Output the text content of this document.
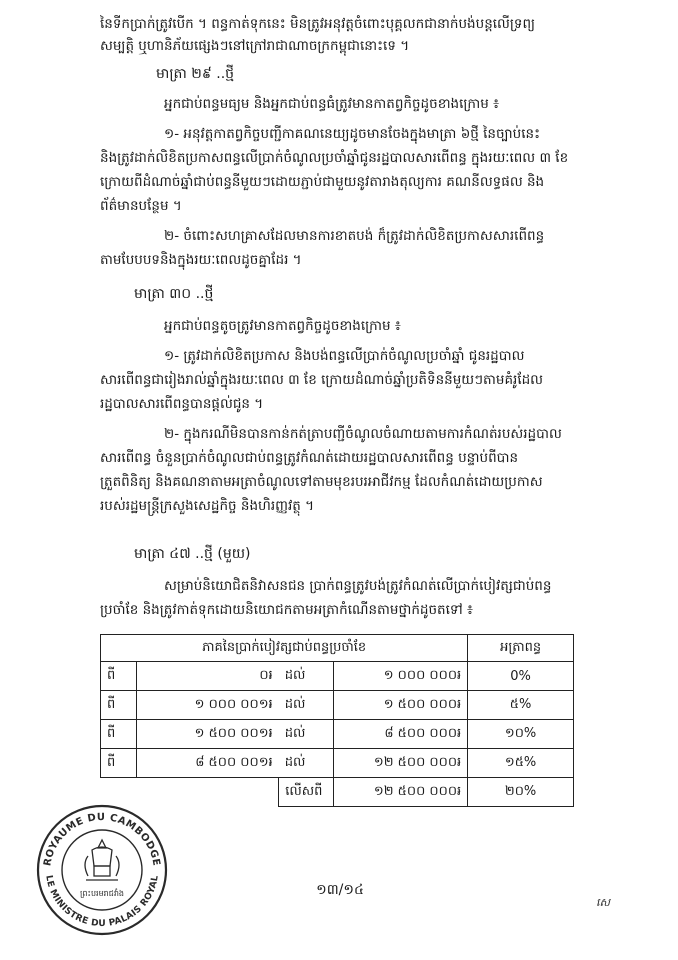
នៃទីកប្រាក់ត្រូវបើក ។ ពន្ធកាត់ទុកនេះ មិនត្រូវអនុវត្តចំពោះបុគ្គលកជានាក់បង់បន្តលើទ្រព្យ
សម្បត្តិ ឬហានិភ័យផ្សេងៗនៅក្រៅរាជាណាចក្រកម្ពុជានោះទេ ។
មាត្រា ២៩ ..ថ្មី
អ្នកជាប់ពន្ធមធ្យម និងអ្នកជាប់ពន្ធធំត្រូវមានកាតព្វកិច្ចដូចខាងក្រោម ៖
១- អនុវត្តកាតព្វកិច្ចបញ្ជីកាគណនេយ្យដូចមានចែងក្នុងមាត្រា ៦ថ្មី នៃច្បាប់នេះ
និងត្រូវដាក់លិខិតប្រកាសពន្ធលើប្រាក់ចំណូលប្រចាំឆ្នាំជូនរដ្ឋបាលសារពើពន្ធ ក្នុងរយៈពេល ៣ ខែ
ក្រោយពីដំណាច់ឆ្នាំជាប់ពន្ធនីមួយៗដោយភ្ជាប់ជាមួយនូវតារាងតុល្យការ គណនីលទ្ធផល និង
ព័ត៌មានបន្ថែម ។
២- ចំពោះសហគ្រាសដែលមានការខាតបង់ ក៏ត្រូវដាក់លិខិតប្រកាសសារពើពន្ធ
តាមបែបបទនិងក្នុងរយៈពេលដូចគ្នាដែរ ។
មាត្រា ៣០ ..ថ្មី
អ្នកជាប់ពន្ធតូចត្រូវមានកាតព្វកិច្ចដូចខាងក្រោម ៖
១- ត្រូវដាក់លិខិតប្រកាស និងបង់ពន្ធលើប្រាក់ចំណូលប្រចាំឆ្នាំ ជូនរដ្ឋបាល
សារពើពន្ធជារៀងរាល់ឆ្នាំក្នុងរយៈពេល ៣ ខែ ក្រោយដំណាច់ឆ្នាំប្រតិទិននីមួយៗតាមគំរូដែល
រដ្ឋបាលសារពើពន្ធបានផ្តល់ជូន ។
២- ក្នុងករណីមិនបានកាន់កត់ត្រាបញ្ជីចំណូលចំណាយតាមការកំណត់របស់រដ្ឋបាល
សារពើពន្ធ ចំនួនប្រាក់ចំណូលជាប់ពន្ធត្រូវកំណត់ដោយរដ្ឋបាលសារពើពន្ធ បន្ទាប់ពីបាន
ត្រួតពិនិត្យ និងគណនាតាមអត្រាចំណូលទៅតាមមុខរបរអាជីវកម្ម ដែលកំណត់ដោយប្រកាស
របស់រដ្ឋមន្ត្រីក្រសួងសេដ្ឋកិច្ច និងហិរញ្ញវត្ថុ ។
មាត្រា ៤៧ ..ថ្មី (មួយ)
សម្រាប់និយោជិតនិវាសនជន ប្រាក់ពន្ធត្រូវបង់ត្រូវកំណត់លើប្រាក់បៀវត្សជាប់ពន្ធ
ប្រចាំខែ និងត្រូវកាត់ទុកដោយនិយោជកតាមអត្រាកំណើនតាមថ្នាក់ដូចតទៅ ៖
ភាគនៃប្រាក់បៀវត្សជាប់ពន្ធប្រចាំខែ				អត្រាពន្ធ
ពី	០៛	ដល់	១ ០០០ ០០០៛	0%
ពី	១ ០០០ ០០១៛	ដល់	១ ៥០០ ០០០៛	៥%
ពី	១ ៥០០ ០០១៛	ដល់	៨ ៥០០ ០០០៛	១០%
ពី	៨ ៥០០ ០០១៛	ដល់	១២ ៥០០ ០០០៛	១៥%
		លើសពី	១២ ៥០០ ០០០៛	២០%
ROYAUME DU CAMBODGE
LE MINISTRE DU PALAIS ROYAL
ព្រះបរមរាជវាំង	១៣/១៤
សេ
